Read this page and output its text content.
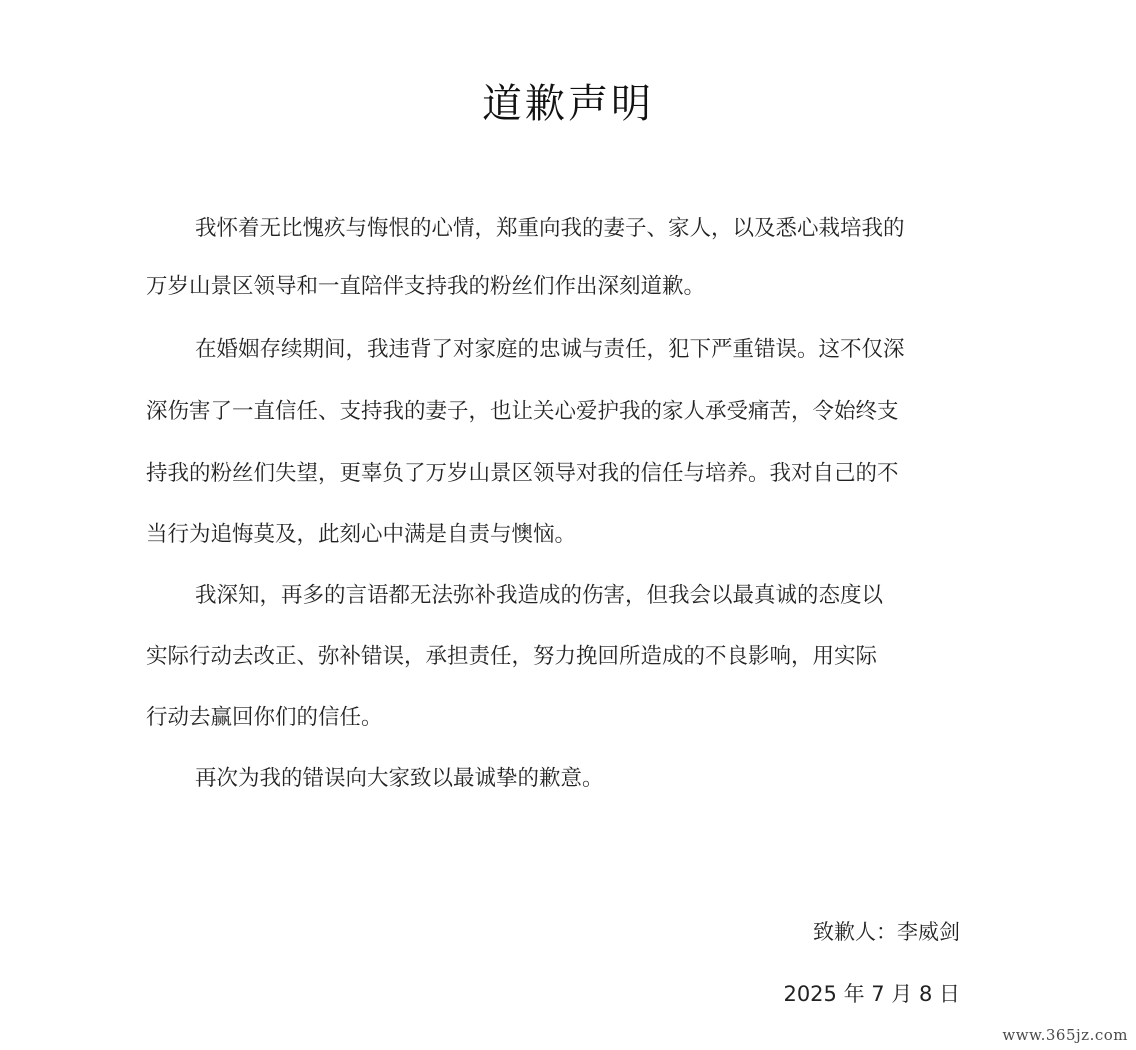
道歉声明
我怀着无比愧疚与悔恨的心情，郑重向我的妻子、家人，以及悉心栽培我的
万岁山景区领导和一直陪伴支持我的粉丝们作出深刻道歉。
在婚姻存续期间，我违背了对家庭的忠诚与责任，犯下严重错误。这不仅深
深伤害了一直信任、支持我的妻子，也让关心爱护我的家人承受痛苦，令始终支
持我的粉丝们失望，更辜负了万岁山景区领导对我的信任与培养。我对自己的不
当行为追悔莫及，此刻心中满是自责与懊恼。
我深知，再多的言语都无法弥补我造成的伤害，但我会以最真诚的态度以
实际行动去改正、弥补错误，承担责任，努力挽回所造成的不良影响，用实际
行动去赢回你们的信任。
再次为我的错误向大家致以最诚挚的歉意。
致歉人：李威剑
2025 年 7 月 8 日
www.365jz.com
